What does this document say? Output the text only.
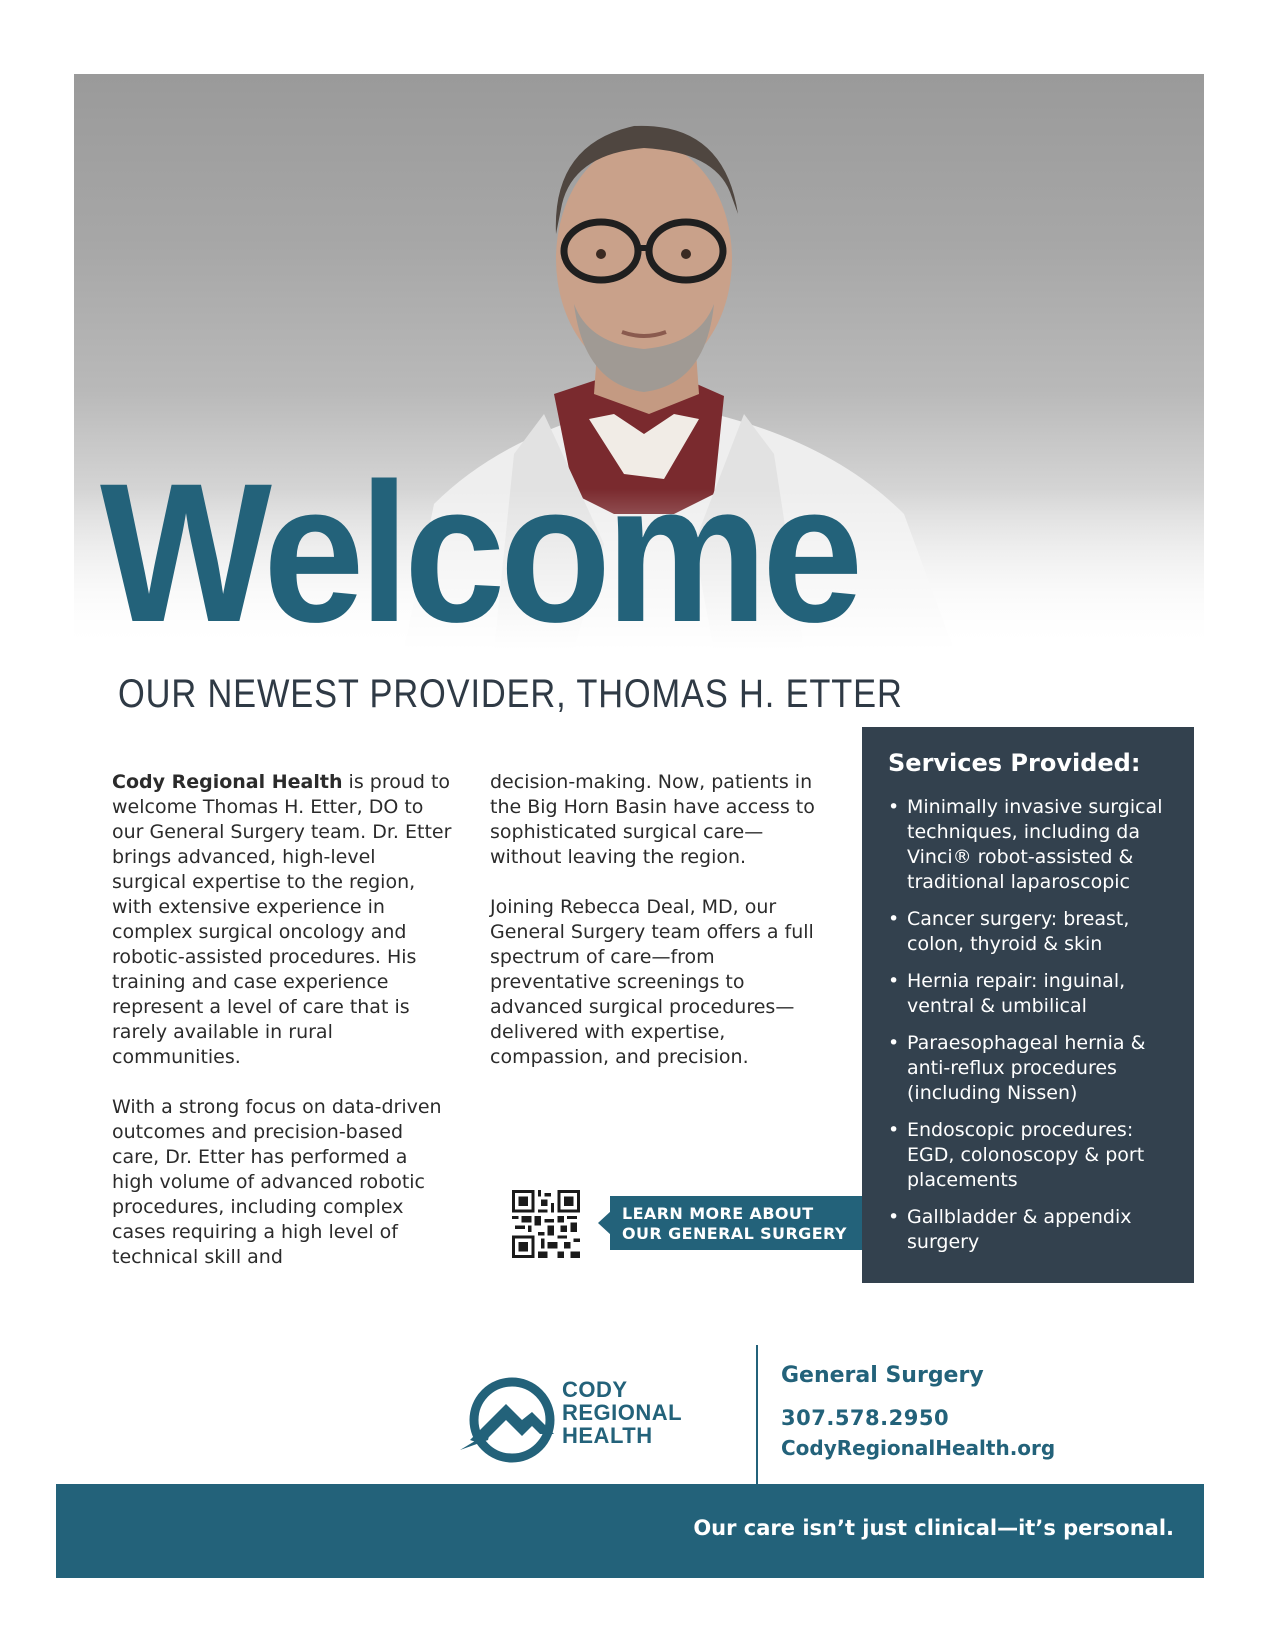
Welcome
OUR NEWEST PROVIDER, THOMAS H. ETTER

Cody Regional Health is proud to welcome Thomas H. Etter, DO to our General Surgery team. Dr. Etter brings advanced, high-level surgical expertise to the region, with extensive experience in complex surgical oncology and robotic-assisted procedures. His training and case experience represent a level of care that is rarely available in rural communities.

With a strong focus on data-driven outcomes and precision-based care, Dr. Etter has performed a high volume of advanced robotic procedures, including complex cases requiring a high level of technical skill and

decision-making. Now, patients in the Big Horn Basin have access to sophisticated surgical care—without leaving the region.

Joining Rebecca Deal, MD, our General Surgery team offers a full spectrum of care—from preventative screenings to advanced surgical procedures—delivered with expertise, compassion, and precision.

Services Provided:
• Minimally invasive surgical techniques, including da Vinci® robot-assisted & traditional laparoscopic
• Cancer surgery: breast, colon, thyroid & skin
• Hernia repair: inguinal, ventral & umbilical
• Paraesophageal hernia & anti-reflux procedures (including Nissen)
• Endoscopic procedures: EGD, colonoscopy & port placements
• Gallbladder & appendix surgery
LEARN MORE ABOUT
OUR GENERAL SURGERY
CODY
REGIONAL
HEALTH
General Surgery
307.578.2950
CodyRegionalHealth.org
Our care isn’t just clinical—it’s personal.
